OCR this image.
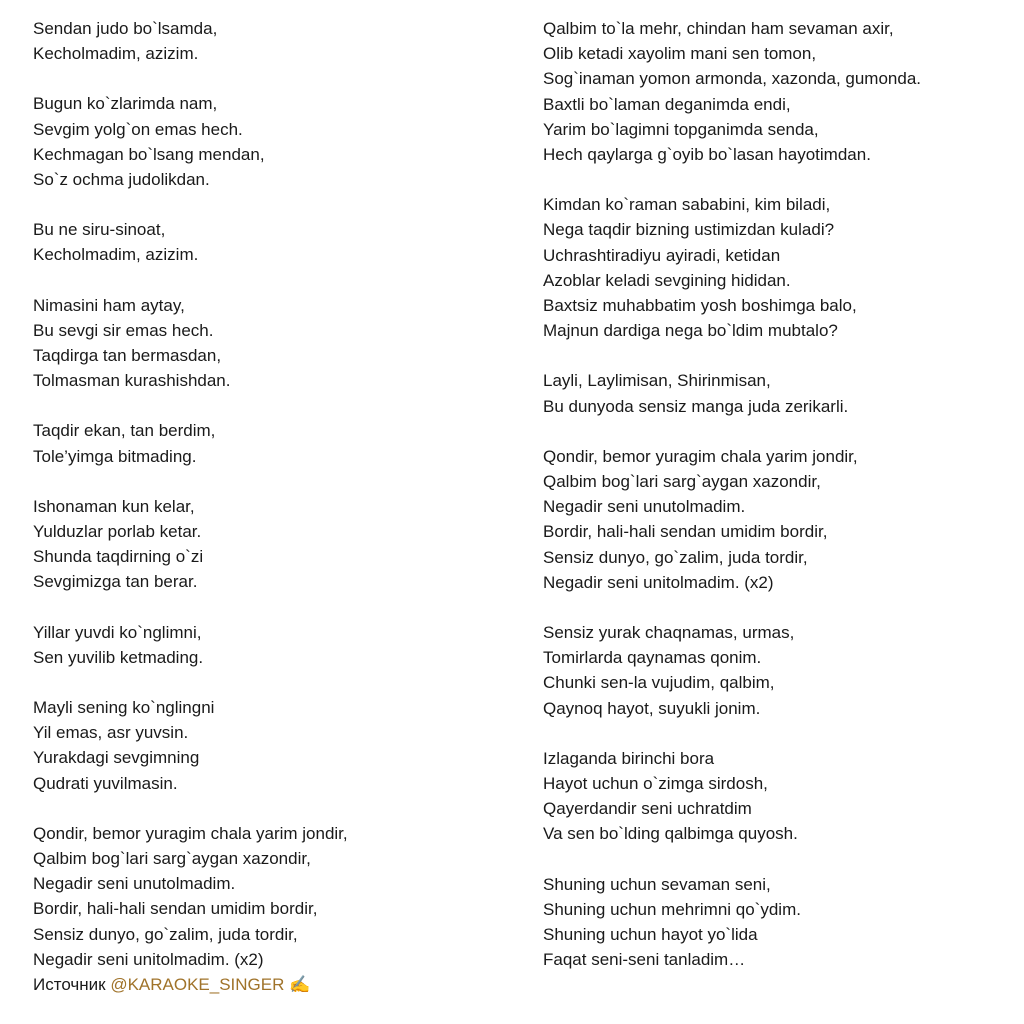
Sendan judo bo`lsamda,
Kecholmadim, azizim.
Bugun ko`zlarimda nam,
Sevgim yolg`on emas hech.
Kechmagan bo`lsang mendan,
So`z ochma judolikdan.
Bu ne siru-sinoat,
Kecholmadim, azizim.
Nimasini ham aytay,
Bu sevgi sir emas hech.
Taqdirga tan bermasdan,
Tolmasman kurashishdan.
Taqdir ekan, tan berdim,
Tole’yimga bitmading.
Ishonaman kun kelar,
Yulduzlar porlab ketar.
Shunda taqdirning o`zi
Sevgimizga tan berar.
Yillar yuvdi ko`nglimni,
Sen yuvilib ketmading.
Mayli sening ko`nglingni
Yil emas, asr yuvsin.
Yurakdagi sevgimning
Qudrati yuvilmasin.
Qondir, bemor yuragim chala yarim jondir,
Qalbim bog`lari sarg`aygan xazondir,
Negadir seni unutolmadim.
Bordir, hali-hali sendan umidim bordir,
Sensiz dunyo, go`zalim, juda tordir,
Negadir seni unitolmadim. (x2)
Источник @KARAOKE_SINGER ✍
Qalbim to`la mehr, chindan ham sevaman axir,
Olib ketadi xayolim mani sen tomon,
Sog`inaman yomon armonda, xazonda, gumonda.
Baxtli bo`laman deganimda endi,
Yarim bo`lagimni topganimda senda,
Hech qaylarga g`oyib bo`lasan hayotimdan.
Kimdan ko`raman sababini, kim biladi,
Nega taqdir bizning ustimizdan kuladi?
Uchrashtiradiyu ayiradi, ketidan
Azoblar keladi sevgining hididan.
Baxtsiz muhabbatim yosh boshimga balo,
Majnun dardiga nega bo`ldim mubtalo?
Layli, Laylimisan, Shirinmisan,
Bu dunyoda sensiz manga juda zerikarli.
Qondir, bemor yuragim chala yarim jondir,
Qalbim bog`lari sarg`aygan xazondir,
Negadir seni unutolmadim.
Bordir, hali-hali sendan umidim bordir,
Sensiz dunyo, go`zalim, juda tordir,
Negadir seni unitolmadim. (x2)
Sensiz yurak chaqnamas, urmas,
Tomirlarda qaynamas qonim.
Chunki sen-la vujudim, qalbim,
Qaynoq hayot, suyukli jonim.
Izlaganda birinchi bora
Hayot uchun o`zimga sirdosh,
Qayerdandir seni uchratdim
Va sen bo`lding qalbimga quyosh.
Shuning uchun sevaman seni,
Shuning uchun mehrimni qo`ydim.
Shuning uchun hayot yo`lida
Faqat seni-seni tanladim…
